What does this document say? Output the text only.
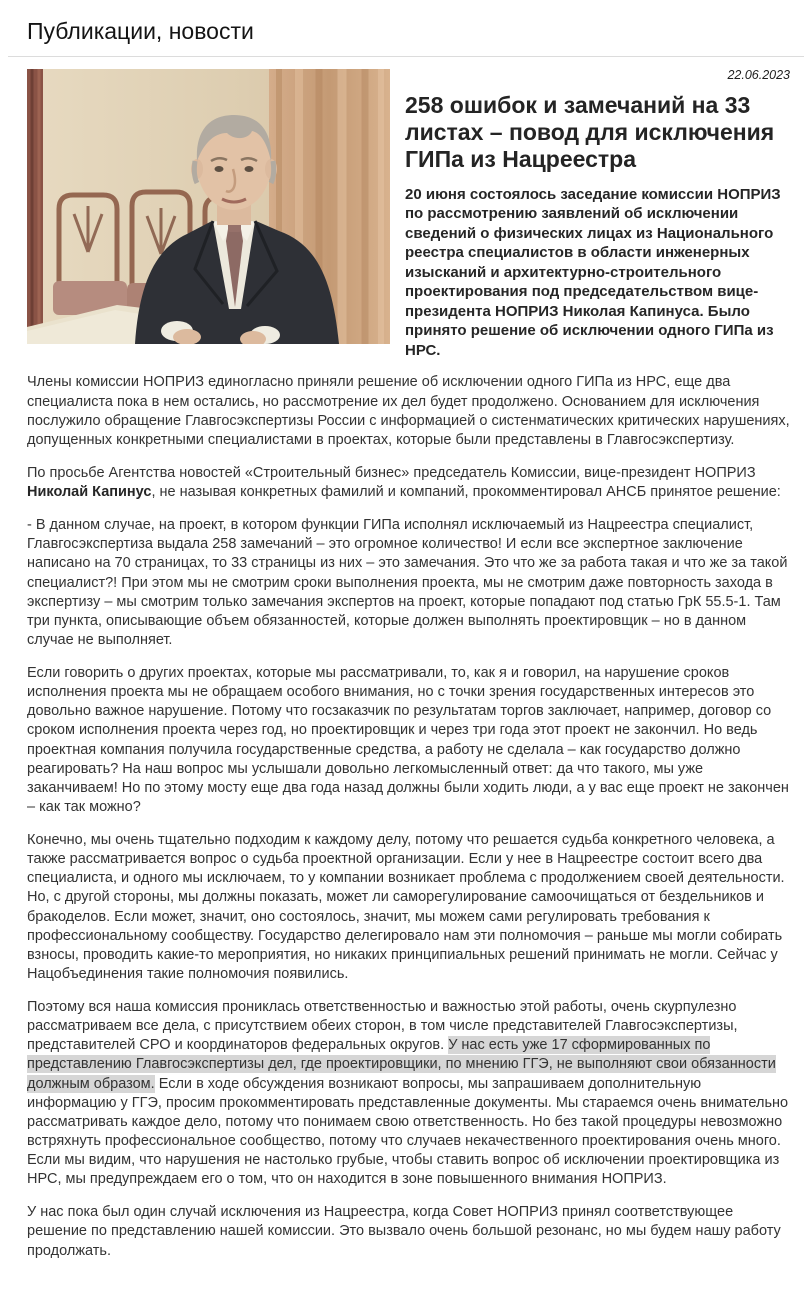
Публикации, новости
22.06.2023
258 ошибок и замечаний на 33 листах – повод для исключения ГИПа из Нацреестра

20 июня состоялось заседание комиссии НОПРИЗ по рассмотрению заявлений об исключении сведений о физических лицах из Национального реестра специалистов в области инженерных изысканий и архитектурно-строительного проектирования под председательством вице-президента НОПРИЗ Николая Капинуса. Было принято решение об исключении одного ГИПа из НРС.

Члены комиссии НОПРИЗ единогласно приняли решение об исключении одного ГИПа из НРС, еще два специалиста пока в нем остались, но рассмотрение их дел будет продолжено. Основанием для исключения послужило обращение Главгосэкспертизы России с информацией о систенматических критических нарушениях, допущенных конкретными специалистами в проектах, которые были представлены в Главгосэкспертизу.

По просьбе Агентства новостей «Строительный бизнес» председатель Комиссии, вице-президент НОПРИЗ Николай Капинус, не называя конкретных фамилий и компаний, прокомментировал АНСБ принятое решение:

- В данном случае, на проект, в котором функции ГИПа исполнял исключаемый из Нацреестра специалист, Главгосэкспертиза выдала 258 замечаний – это огромное количество! И если все экспертное заключение написано на 70 страницах, то 33 страницы из них – это замечания. Это что же за работа такая и что же за такой специалист?! При этом мы не смотрим сроки выполнения проекта, мы не смотрим даже повторность захода в экспертизу – мы смотрим только замечания экспертов на проект, которые попадают под статью ГрК 55.5-1. Там три пункта, описывающие объем обязанностей, которые должен выполнять проектировщик – но в данном случае не выполняет.

Если говорить о других проектах, которые мы рассматривали, то, как я и говорил, на нарушение сроков исполнения проекта мы не обращаем особого внимания, но с точки зрения государственных интересов это довольно важное нарушение. Потому что госзаказчик по результатам торгов заключает, например, договор со сроком исполнения проекта через год, но проектировщик и через три года этот проект не закончил. Но ведь проектная компания получила государственные средства, а работу не сделала – как государство должно реагировать? На наш вопрос мы услышали довольно легкомысленный ответ: да что такого, мы уже заканчиваем! Но по этому мосту еще два года назад должны были ходить люди, а у вас еще проект не закончен – как так можно?

Конечно, мы очень тщательно подходим к каждому делу, потому что решается судьба конкретного человека, а также рассматривается вопрос о судьба проектной организации. Если у нее в Нацреестре состоит всего два специалиста, и одного мы исключаем, то у компании возникает проблема с продолжением своей деятельности. Но, с другой стороны, мы должны показать, может ли саморегулирование самоочищаться от бездельников и бракоделов. Если может, значит, оно состоялось, значит, мы можем сами регулировать требования к профессиональному сообществу. Государство делегировало нам эти полномочия – раньше мы могли собирать взносы, проводить какие-то мероприятия, но никаких принципиальных решений принимать не могли. Сейчас у Нацобъединения такие полномочия появились.

Поэтому вся наша комиссия прониклась ответственностью и важностью этой работы, очень скурпулезно рассматриваем все дела, с присутствием обеих сторон, в том числе представителей Главгосэкспертизы, представителей СРО и координаторов федеральных округов. У нас есть уже 17 сформированных по представлению Главгосэкспертизы дел, где проектировщики, по мнению ГГЭ, не выполняют свои обязанности должным образом. Если в ходе обсуждения возникают вопросы, мы запрашиваем дополнительную информацию у ГГЭ, просим прокомментировать представленные документы. Мы стараемся очень внимательно рассматривать каждое дело, потому что понимаем свою ответственность. Но без такой процедуры невозможно встряхнуть профессиональное сообщество, потому что случаев некачественного проектирования очень много. Если мы видим, что нарушения не настолько грубые, чтобы ставить вопрос об исключении проектировщика из НРС, мы предупреждаем его о том, что он находится в зоне повышенного внимания НОПРИЗ.

У нас пока был один случай исключения из Нацреестра, когда Совет НОПРИЗ принял соответствующее решение по представлению нашей комиссии. Это вызвало очень большой резонанс, но мы будем нашу работу продолжать.
